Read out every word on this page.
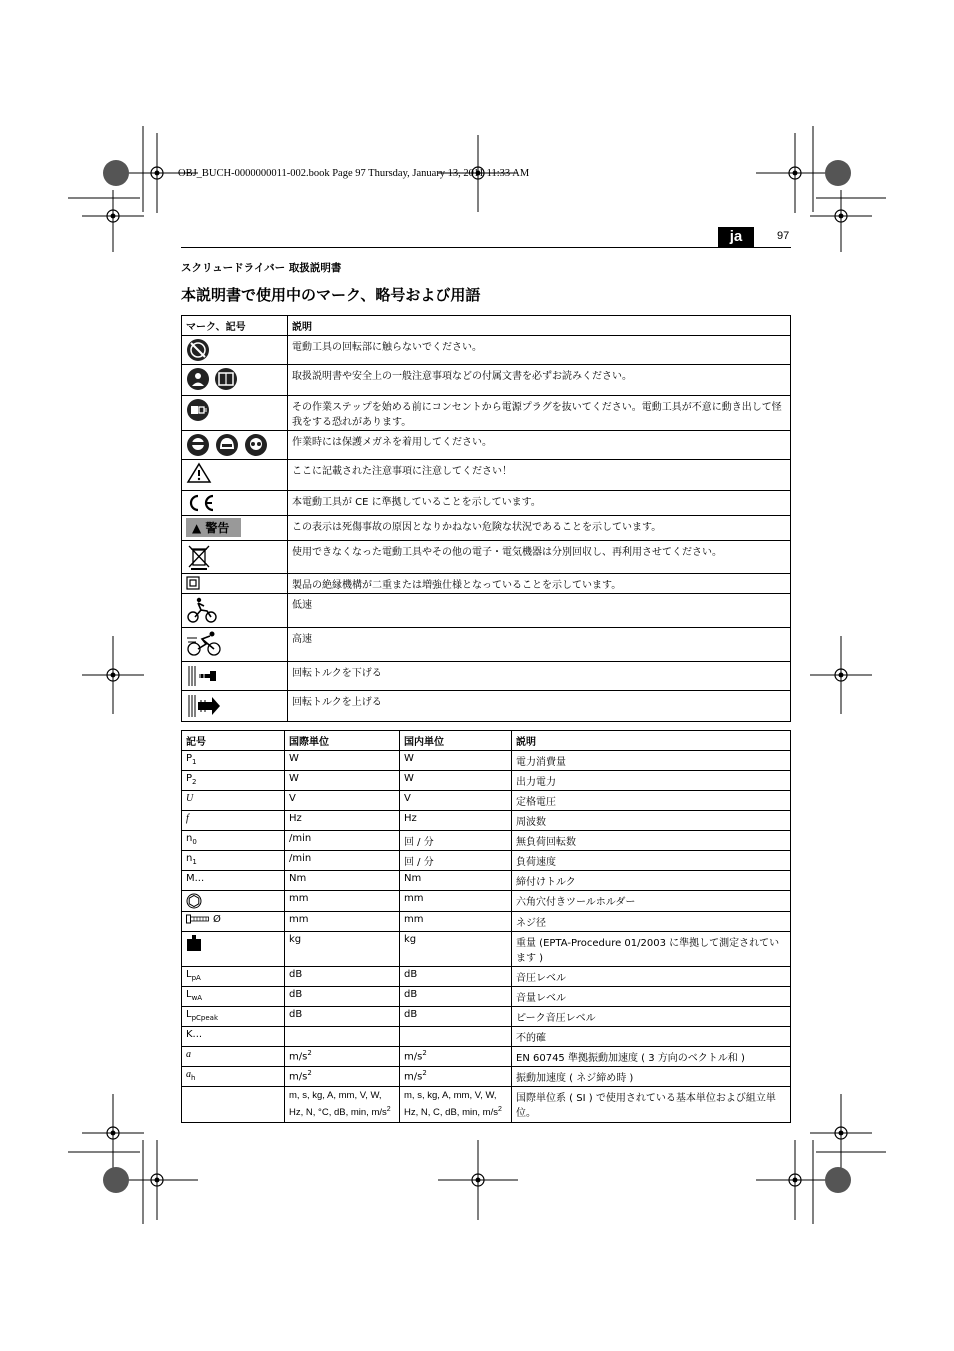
OBJ_BUCH-0000000011-002.book Page 97 Thursday, January 13, 2011 11:33 AM
ja	97
スクリュードライバー 取扱説明書
本説明書で使用中のマーク、略号および用語
マーク、記号	説明
	電動工具の回転部に触らないでください。
	取扱説明書や安全上の一般注意事項などの付属文書を必ずお読みください。
	その作業ステップを始める前にコンセントから電源プラグを抜いてください。電動工具が不意に動き出して怪我をする恐れがあります。
	作業時には保護メガネを着用してください。
	ここに記載された注意事項に注意してください！
	本電動工具が CE に準拠していることを示しています。
▲ 警告	この表示は死傷事故の原因となりかねない危険な状況であることを示しています。
	使用できなくなった電動工具やその他の電子・電気機器は分別回収し、再利用させてください。
	製品の絶縁機構が二重または増強仕様となっていることを示しています。
	低速
	高速
	回転トルクを下げる
	回転トルクを上げる
記号	国際単位	国内単位	説明
$P_1$	W	W	電力消費量
$P_2$	W	W	出力電力
U	V	V	定格電圧
f	Hz	Hz	周波数
$n_0$	/min	回 / 分	無負荷回転数
$n_1$	/min	回 / 分	負荷速度
M...	Nm	Nm	締付けトルク
	mm	mm	六角穴付きツールホルダー
Ø	mm	mm	ネジ径
	kg	kg	重量 (EPTA-Procedure 01/2003 に準拠して測定されています )
$L_{pA}$	dB	dB	音圧レベル
$L_{wA}$	dB	dB	音量レベル
$L_{pCpeak}$	dB	dB	ピーク音圧レベル
K...			不的確
a	$m/s^2$	$m/s^2$	EN 60745 準拠振動加速度 ( 3 方向のベクトル和 )
$a_h$	$m/s^2$	$m/s^2$	振動加速度 ( ネジ締め時 )
	m, s, kg, A, mm, V, W, Hz, N, °C, dB, min, $m/s^2$	m, s, kg, A, mm, V, W, Hz, N, C, dB, min, $m/s^2$	国際単位系 ( SI ) で使用されている基本単位および組立単位。
